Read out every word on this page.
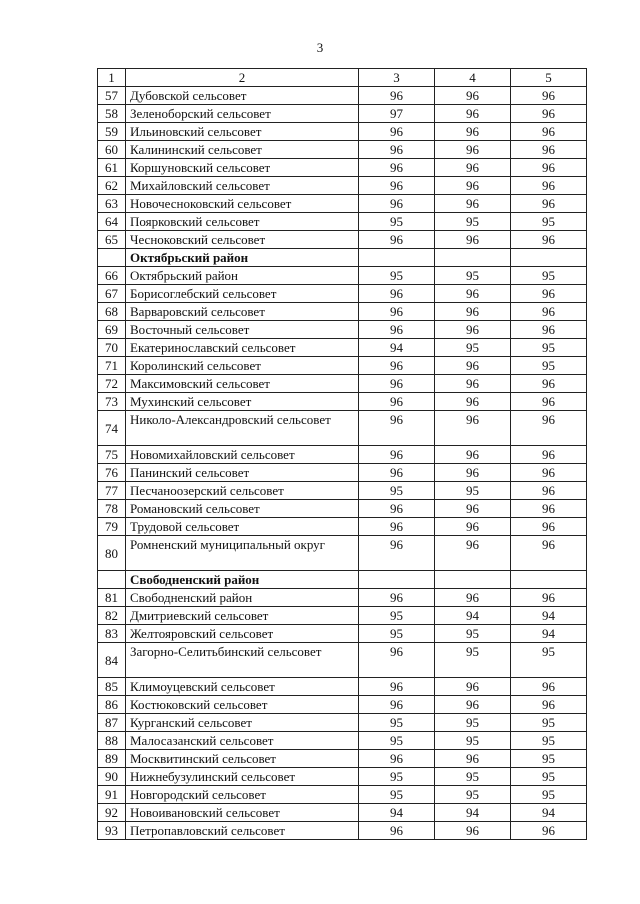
3
1	2	3	4	5
57	Дубовской сельсовет	96	96	96
58	Зеленоборский сельсовет	97	96	96
59	Ильиновский сельсовет	96	96	96
60	Калининский сельсовет	96	96	96
61	Коршуновский сельсовет	96	96	96
62	Михайловский сельсовет	96	96	96
63	Новочесноковский сельсовет	96	96	96
64	Поярковский сельсовет	95	95	95
65	Чесноковский сельсовет	96	96	96
	Октябрьский район			
66	Октябрьский район	95	95	95
67	Борисоглебский сельсовет	96	96	96
68	Варваровский сельсовет	96	96	96
69	Восточный сельсовет	96	96	96
70	Екатеринославский сельсовет	94	95	95
71	Королинский сельсовет	96	96	95
72	Максимовский сельсовет	96	96	96
73	Мухинский сельсовет	96	96	96
74	Николо-Александровский сельсовет	96	96	96
75	Новомихайловский сельсовет	96	96	96
76	Панинский сельсовет	96	96	96
77	Песчаноозерский сельсовет	95	95	96
78	Романовский сельсовет	96	96	96
79	Трудовой сельсовет	96	96	96
80	Ромненский муниципальный округ	96	96	96
	Свободненский район			
81	Свободненский район	96	96	96
82	Дмитриевский сельсовет	95	94	94
83	Желтояровский сельсовет	95	95	94
84	Загорно-Селитьбинский сельсовет	96	95	95
85	Климоуцевский сельсовет	96	96	96
86	Костюковский сельсовет	96	96	96
87	Курганский сельсовет	95	95	95
88	Малосазанский сельсовет	95	95	95
89	Москвитинский сельсовет	96	96	95
90	Нижнебузулинский сельсовет	95	95	95
91	Новгородский сельсовет	95	95	95
92	Новоивановский сельсовет	94	94	94
93	Петропавловский сельсовет	96	96	96
